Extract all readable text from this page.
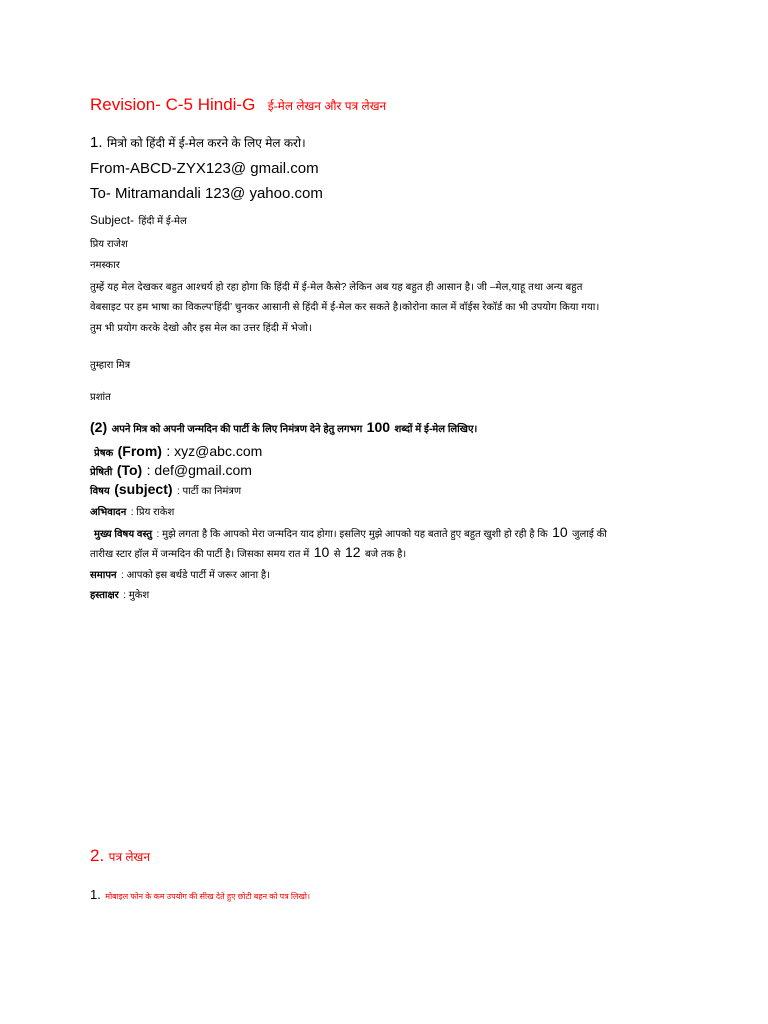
Revision- C-5 Hindi-G ई-मेल लेखन और पत्र लेखन
1. मित्रो को हिंदी में ई-मेल करने के लिए मेल करो।
From-ABCD-ZYX123@ gmail.com
To- Mitramandali 123@ yahoo.com
Subject- हिंदी में ई-मेल
प्रिय राजेश
नमस्कार
तुम्हें यह मेल देखकर बहुत आश्चर्य हो रहा होगा कि हिंदी में ई-मेल कैसे? लेकिन अब यह बहुत ही आसान है। जी –मेल,याहू तथा अन्य बहुत
वेबसाइट पर हम भाषा का विकल्प‘हिंदी’ चुनकर आसानी से हिंदी में ई-मेल कर सकते है।कोरोना काल में वॉईस रेकॉर्ड का भी उपयोग किया गया।
तुम भी प्रयोग करके देखो और इस मेल का उत्तर हिंदी में भेजो।
तुम्हारा मित्र
प्रशांत
(2) अपने मित्र को अपनी जन्मदिन की पार्टी के लिए निमंत्रण देने हेतु लगभग 100 शब्दों में ई-मेल लिखिए।
प्रेषक (From) : xyz@abc.com
प्रेषिती (To) : def@gmail.com
विषय (subject) : पार्टी का निमंत्रण
अभिवादन : प्रिय राकेश
मुख्य विषय वस्तु : मुझे लगता है कि आपको मेरा जन्मदिन याद होगा। इसलिए मुझे आपको यह बताते हुए बहुत खुशी हो रही है कि 10 जुलाई की
तारीख स्टार हॉल में जन्मदिन की पार्टी है। जिसका समय रात में 10 से 12 बजे तक है।
समापन : आपको इस बर्थडे पार्टी में जरूर आना है।
हस्ताक्षर : मुकेश
2. पत्र लेखन
1. मोबाइल फोन के कम उपयोग की सीख देते हुए छोटी बहन को पत्र लिखो।
